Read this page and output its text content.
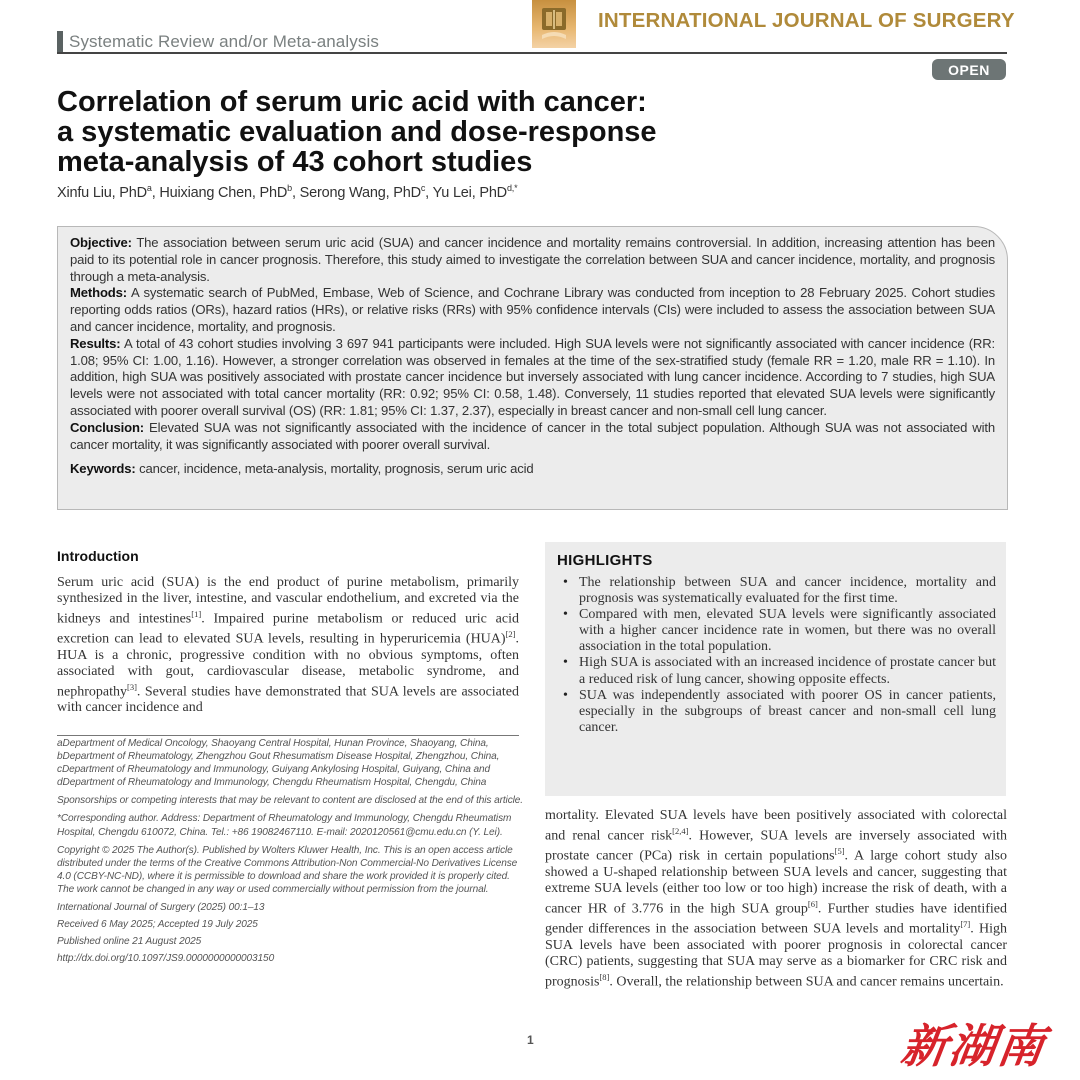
Systematic Review and/or Meta-analysis
INTERNATIONAL JOURNAL OF SURGERY
OPEN
Correlation of serum uric acid with cancer:
a systematic evaluation and dose-response
meta-analysis of 43 cohort studies
Xinfu Liu, PhD$^a$, Huixiang Chen, PhD$^b$, Serong Wang, PhD$^c$, Yu Lei, PhD$^{d,*}$

Objective: The association between serum uric acid (SUA) and cancer incidence and mortality remains controversial. In addition, increasing attention has been paid to its potential role in cancer prognosis. Therefore, this study aimed to investigate the correlation between SUA and cancer incidence, mortality, and prognosis through a meta-analysis.

Methods: A systematic search of PubMed, Embase, Web of Science, and Cochrane Library was conducted from inception to 28 February 2025. Cohort studies reporting odds ratios (ORs), hazard ratios (HRs), or relative risks (RRs) with 95% confidence intervals (CIs) were included to assess the association between SUA and cancer incidence, mortality, and prognosis.

Results: A total of 43 cohort studies involving 3 697 941 participants were included. High SUA levels were not significantly associated with cancer incidence (RR: 1.08; 95% CI: 1.00, 1.16). However, a stronger correlation was observed in females at the time of the sex-stratified study (female RR = 1.20, male RR = 1.10). In addition, high SUA was positively associated with prostate cancer incidence but inversely associated with lung cancer incidence. According to 7 studies, high SUA levels were not associated with total cancer mortality (RR: 0.92; 95% CI: 0.58, 1.48). Conversely, 11 studies reported that elevated SUA levels were significantly associated with poorer overall survival (OS) (RR: 1.81; 95% CI: 1.37, 2.37), especially in breast cancer and non-small cell lung cancer.

Conclusion: Elevated SUA was not significantly associated with the incidence of cancer in the total subject population. Although SUA was not associated with cancer mortality, it was significantly associated with poorer overall survival.

Keywords: cancer, incidence, meta-analysis, mortality, prognosis, serum uric acid

Introduction

Serum uric acid (SUA) is the end product of purine metabolism, primarily synthesized in the liver, intestine, and vascular endothelium, and excreted via the kidneys and intestines[1]. Impaired purine metabolism or reduced uric acid excretion can lead to elevated SUA levels, resulting in hyperuricemia (HUA)[2]. HUA is a chronic, progressive condition with no obvious symptoms, often associated with gout, cardiovascular disease, metabolic syndrome, and nephropathy[3]. Several studies have demonstrated that SUA levels are associated with cancer incidence and

aDepartment of Medical Oncology, Shaoyang Central Hospital, Hunan Province, Shaoyang, China, bDepartment of Rheumatology, Zhengzhou Gout Rhesumatism Disease Hospital, Zhengzhou, China, cDepartment of Rheumatology and Immunology, Guiyang Ankylosing Hospital, Guiyang, China and dDepartment of Rheumatology and Immunology, Chengdu Rheumatism Hospital, Chengdu, China

Sponsorships or competing interests that may be relevant to content are disclosed at the end of this article.

*Corresponding author. Address: Department of Rheumatology and Immunology, Chengdu Rheumatism Hospital, Chengdu 610072, China. Tel.: +86 19082467110. E-mail: 2020120561@cmu.edu.cn (Y. Lei).

Copyright © 2025 The Author(s). Published by Wolters Kluwer Health, Inc. This is an open access article distributed under the terms of the Creative Commons Attribution-Non Commercial-No Derivatives License 4.0 (CCBY-NC-ND), where it is permissible to download and share the work provided it is properly cited. The work cannot be changed in any way or used commercially without permission from the journal.

International Journal of Surgery (2025) 00:1–13

Received 6 May 2025; Accepted 19 July 2025

Published online 21 August 2025

http://dx.doi.org/10.1097/JS9.0000000000003150

HIGHLIGHTS
• The relationship between SUA and cancer incidence, mortality and prognosis was systematically evaluated for the first time.
• Compared with men, elevated SUA levels were significantly associated with a higher cancer incidence rate in women, but there was no overall association in the total population.
• High SUA is associated with an increased incidence of prostate cancer but a reduced risk of lung cancer, showing opposite effects.
• SUA was independently associated with poorer OS in cancer patients, especially in the subgroups of breast cancer and non-small cell lung cancer.

mortality. Elevated SUA levels have been positively associated with colorectal and renal cancer risk[2,4]. However, SUA levels are inversely associated with prostate cancer (PCa) risk in certain populations[5]. A large cohort study also showed a U-shaped relationship between SUA levels and cancer, suggesting that extreme SUA levels (either too low or too high) increase the risk of death, with a cancer HR of 3.776 in the high SUA group[6]. Further studies have identified gender differences in the association between SUA levels and mortality[7]. High SUA levels have been associated with poorer prognosis in colorectal cancer (CRC) patients, suggesting that SUA may serve as a biomarker for CRC risk and prognosis[8]. Overall, the relationship between SUA and cancer remains uncertain.

1	新湖南
